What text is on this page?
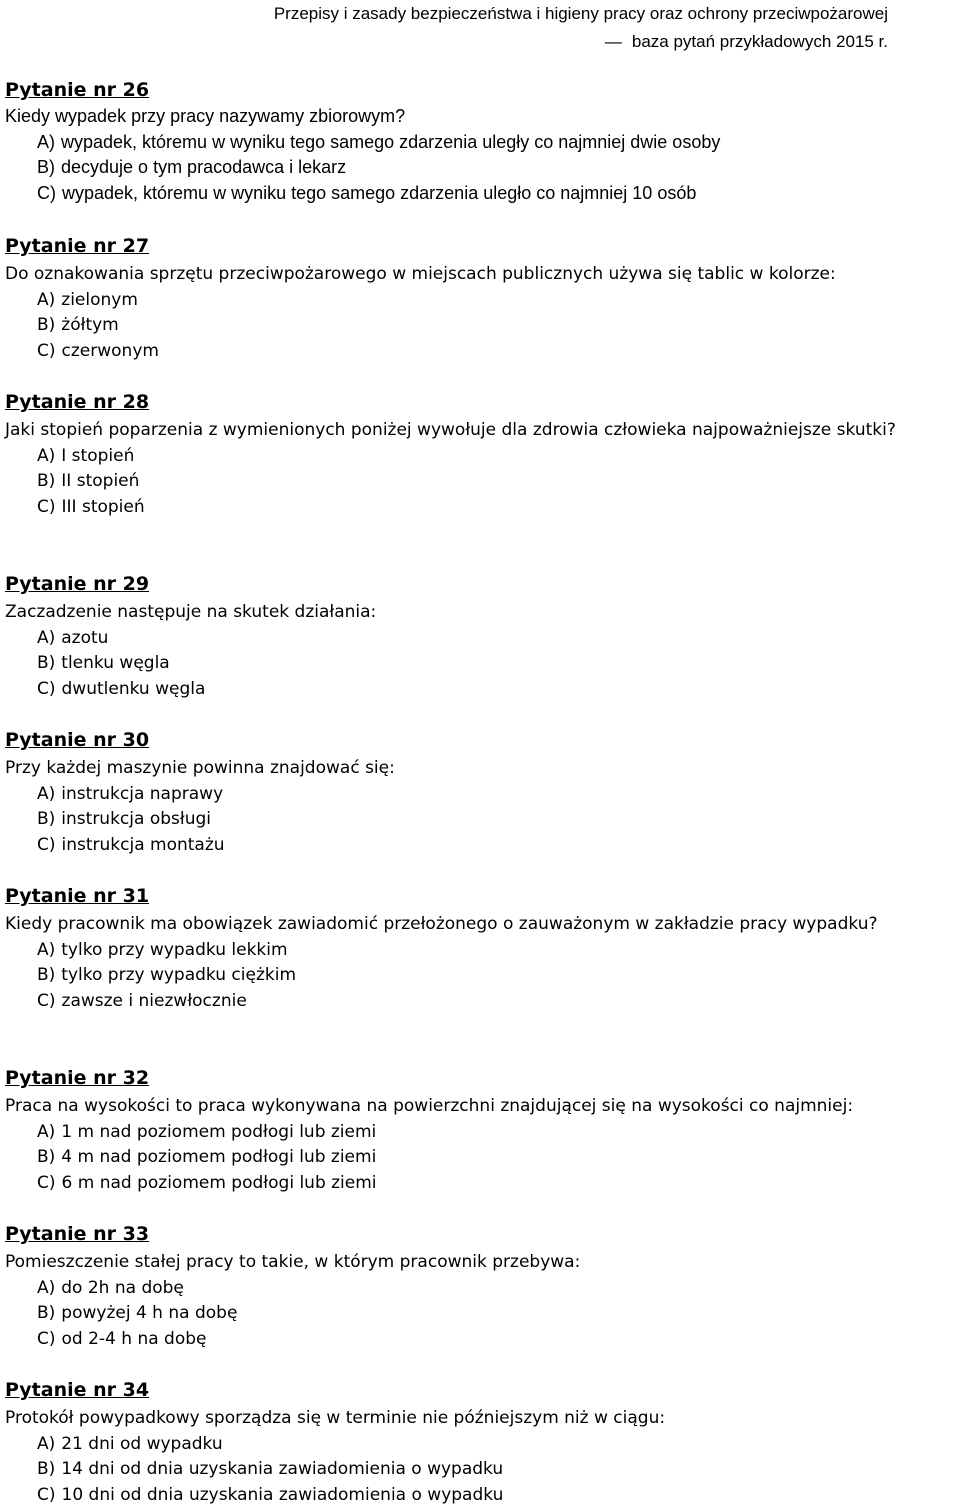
Przepisy i zasady bezpieczeństwa i higieny pracy oraz ochrony przeciwpożarowej
— baza pytań przykładowych 2015 r.

Pytanie nr 26

Kiedy wypadek przy pracy nazywamy zbiorowym?

A) wypadek, któremu w wyniku tego samego zdarzenia uległy co najmniej dwie osoby
B) decyduje o tym pracodawca i lekarz
C) wypadek, któremu w wyniku tego samego zdarzenia uległo co najmniej 10 osób

Pytanie nr 27

Do oznakowania sprzętu przeciwpożarowego w miejscach publicznych używa się tablic w kolorze:

A) zielonym
B) żółtym
C) czerwonym

Pytanie nr 28

Jaki stopień poparzenia z wymienionych poniżej wywołuje dla zdrowia człowieka najpoważniejsze skutki?

A) I stopień
B) II stopień
C) III stopień

Pytanie nr 29

Zaczadzenie następuje na skutek działania:

A) azotu
B) tlenku węgla
C) dwutlenku węgla

Pytanie nr 30

Przy każdej maszynie powinna znajdować się:

A) instrukcja naprawy
B) instrukcja obsługi
C) instrukcja montażu

Pytanie nr 31

Kiedy pracownik ma obowiązek zawiadomić przełożonego o zauważonym w zakładzie pracy wypadku?

A) tylko przy wypadku lekkim
B) tylko przy wypadku ciężkim
C) zawsze i niezwłocznie

Pytanie nr 32

Praca na wysokości to praca wykonywana na powierzchni znajdującej się na wysokości co najmniej:

A) 1 m nad poziomem podłogi lub ziemi
B) 4 m nad poziomem podłogi lub ziemi
C) 6 m nad poziomem podłogi lub ziemi

Pytanie nr 33

Pomieszczenie stałej pracy to takie, w którym pracownik przebywa:

A) do 2h na dobę
B) powyżej 4 h na dobę
C) od 2-4 h na dobę

Pytanie nr 34

Protokół powypadkowy sporządza się w terminie nie późniejszym niż w ciągu:

A) 21 dni od wypadku
B) 14 dni od dnia uzyskania zawiadomienia o wypadku
C) 10 dni od dnia uzyskania zawiadomienia o wypadku
